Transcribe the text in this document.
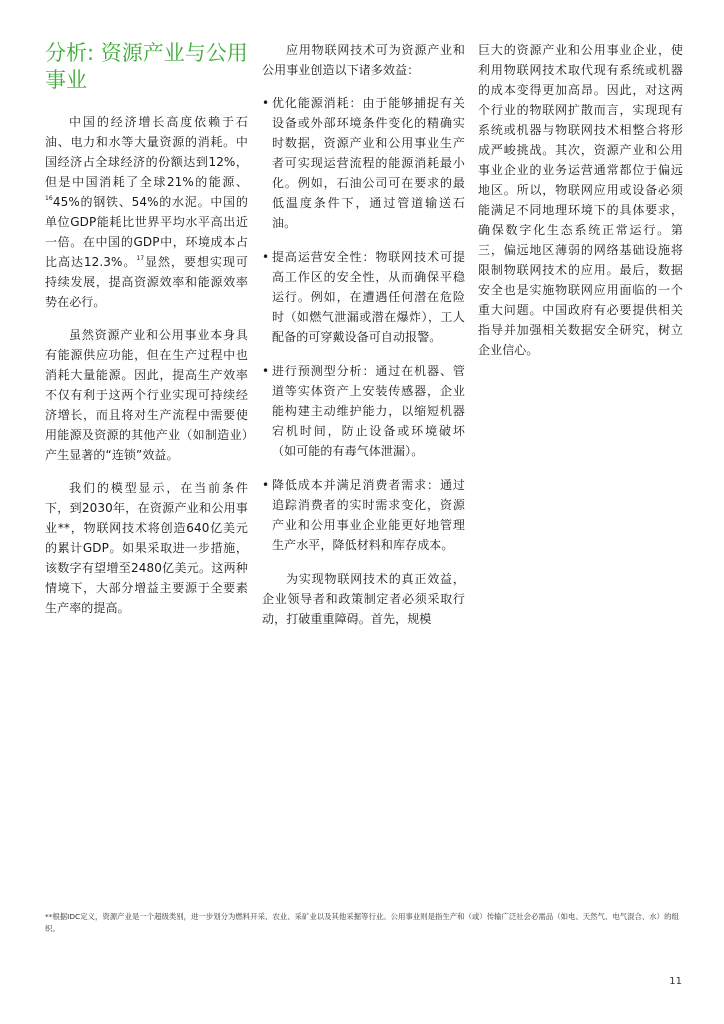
分析: 资源产业与公用事业

中国的经济增长高度依赖于石油、电力和水等大量资源的消耗。中国经济占全球经济的份额达到12%，但是中国消耗了全球21%的能源、$^{16}$45%的钢铁、54%的水泥。中国的单位GDP能耗比世界平均水平高出近一倍。在中国的GDP中，环境成本占比高达12.3%。$^{17}$显然，要想实现可持续发展，提高资源效率和能源效率势在必行。

虽然资源产业和公用事业本身具有能源供应功能，但在生产过程中也消耗大量能源。因此，提高生产效率不仅有利于这两个行业实现可持续经济增长，而且将对生产流程中需要使用能源及资源的其他产业（如制造业）产生显著的“连锁”效益。

我们的模型显示，在当前条件下，到2030年，在资源产业和公用事业**，物联网技术将创造640亿美元的累计GDP。如果采取进一步措施，该数字有望增至2480亿美元。这两种情境下，大部分增益主要源于全要素生产率的提高。

应用物联网技术可为资源产业和公用事业创造以下诸多效益：

• 优化能源消耗：由于能够捕捉有关设备或外部环境条件变化的精确实时数据，资源产业和公用事业生产者可实现运营流程的能源消耗最小化。例如，石油公司可在要求的最低温度条件下，通过管道输送石油。
• 提高运营安全性：物联网技术可提高工作区的安全性，从而确保平稳运行。例如，在遭遇任何潜在危险时（如燃气泄漏或潜在爆炸），工人配备的可穿戴设备可自动报警。
• 进行预测型分析：通过在机器、管道等实体资产上安装传感器，企业能构建主动维护能力，以缩短机器宕机时间，防止设备或环境破坏（如可能的有毒气体泄漏）。
• 降低成本并满足消费者需求：通过追踪消费者的实时需求变化，资源产业和公用事业企业能更好地管理生产水平，降低材料和库存成本。

为实现物联网技术的真正效益，企业领导者和政策制定者必须采取行动，打破重重障碍。首先，规模

巨大的资源产业和公用事业企业，使利用物联网技术取代现有系统或机器的成本变得更加高昂。因此，对这两个行业的物联网扩散而言，实现现有系统或机器与物联网技术相整合将形成严峻挑战。其次，资源产业和公用事业企业的业务运营通常都位于偏远地区。所以，物联网应用或设备必须能满足不同地理环境下的具体要求，确保数字化生态系统正常运行。第三，偏远地区薄弱的网络基础设施将限制物联网技术的应用。最后，数据安全也是实施物联网应用面临的一个重大问题。中国政府有必要提供相关指导并加强相关数据安全研究，树立企业信心。

**根据IDC定义，资源产业是一个超级类别，进一步划分为燃料开采、农业、采矿业以及其他采掘等行业。公用事业则是指生产和（或）传输广泛社会必需品（如电、天然气、电气混合、水）的组织。
11
